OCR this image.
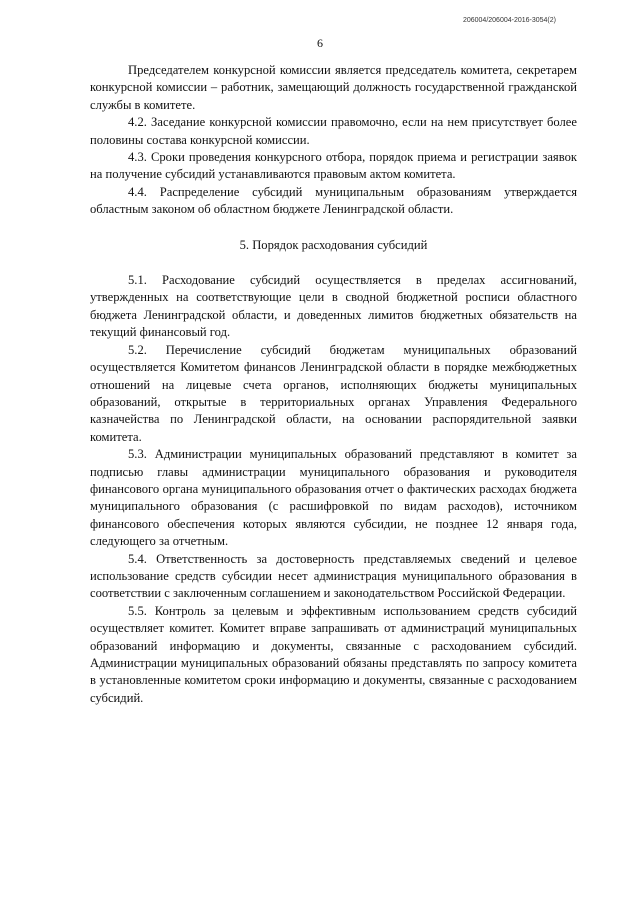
206004/206004-2016-3054(2)
6

Председателем конкурсной комиссии является председатель комитета, секретарем конкурсной комиссии – работник, замещающий должность государственной гражданской службы в комитете.

4.2. Заседание конкурсной комиссии правомочно, если на нем присутствует более половины состава конкурсной комиссии.

4.3. Сроки проведения конкурсного отбора, порядок приема и регистрации заявок на получение субсидий устанавливаются правовым актом комитета.

4.4. Распределение субсидий муниципальным образованиям утверждается областным законом об областном бюджете Ленинградской области.

5. Порядок расходования субсидий

5.1. Расходование субсидий осуществляется в пределах ассигнований, утвержденных на соответствующие цели в сводной бюджетной росписи областного бюджета Ленинградской области, и доведенных лимитов бюджетных обязательств на текущий финансовый год.

5.2. Перечисление субсидий бюджетам муниципальных образований осуществляется Комитетом финансов Ленинградской области в порядке межбюджетных отношений на лицевые счета органов, исполняющих бюджеты муниципальных образований, открытые в территориальных органах Управления Федерального казначейства по Ленинградской области, на основании распорядительной заявки комитета.

5.3. Администрации муниципальных образований представляют в комитет за подписью главы администрации муниципального образования и руководителя финансового органа муниципального образования отчет о фактических расходах бюджета муниципального образования (с расшифровкой по видам расходов), источником финансового обеспечения которых являются субсидии, не позднее 12 января года, следующего за отчетным.

5.4. Ответственность за достоверность представляемых сведений и целевое использование средств субсидии несет администрация муниципального образования в соответствии с заключенным соглашением и законодательством Российской Федерации.

5.5. Контроль за целевым и эффективным использованием средств субсидий осуществляет комитет. Комитет вправе запрашивать от администраций муниципальных образований информацию и документы, связанные с расходованием субсидий. Администрации муниципальных образований обязаны представлять по запросу комитета в установленные комитетом сроки информацию и документы, связанные с расходованием субсидий.
